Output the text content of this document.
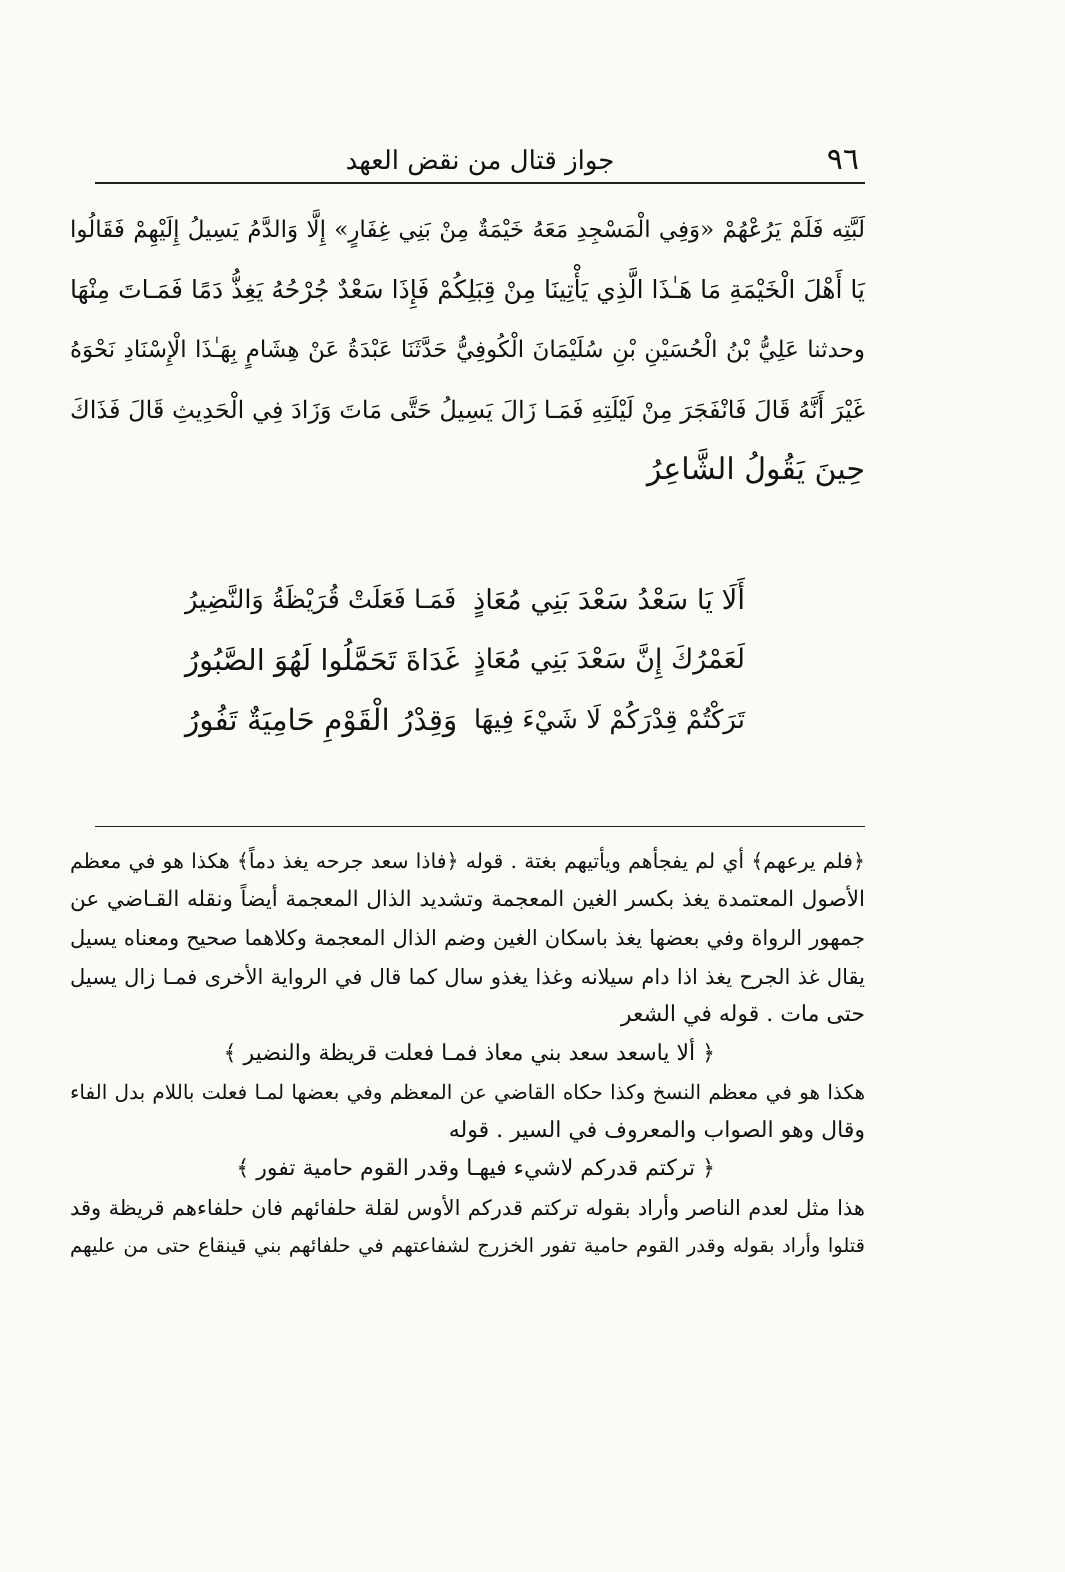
٩٦
جواز قتال من نقض العهد

لَبَّتِه فَلَمْ يَرُعْهُمْ «وَفِي الْمَسْجِدِ مَعَهُ خَيْمَةٌ مِنْ بَنِي غِفَارٍ» إِلَّا وَالدَّمُ يَسِيلُ إِلَيْهِمْ فَقَالُوا

يَا أَهْلَ الْخَيْمَةِ مَا هَـٰذَا الَّذِي يَأْتِينَا مِنْ قِبَلِكُمْ فَإِذَا سَعْدٌ جُرْحُهُ يَغِذُّ دَمًا فَمَـاتَ مِنْهَا

وحدثنا عَلِيُّ بْنُ الْحُسَيْنِ بْنِ سُلَيْمَانَ الْكُوفِيُّ حَدَّثَنَا عَبْدَةُ عَنْ هِشَامٍ بِهَـٰذَا الْإِسْنَادِ نَحْوَهُ

غَيْرَ أَنَّهُ قَالَ فَانْفَجَرَ مِنْ لَيْلَتِهِ فَمَـا زَالَ يَسِيلُ حَتَّى مَاتَ وَزَادَ فِي الْحَدِيثِ قَالَ فَذَاكَ

حِينَ يَقُولُ الشَّاعِرُ

أَلَا يَا سَعْدُ سَعْدَ بَنِي مُعَاذٍ
فَمَـا فَعَلَتْ قُرَيْظَةُ وَالنَّضِيرُ
لَعَمْرُكَ إِنَّ سَعْدَ بَنِي مُعَاذٍ
غَدَاةَ تَحَمَّلُوا لَهُوَ الصَّبُورُ
تَرَكْتُمْ قِدْرَكُمْ لَا شَيْءَ فِيهَا
وَقِدْرُ الْقَوْمِ حَامِيَةٌ تَفُورُ

﴿فلم يرعهم﴾ أي لم يفجأهم ويأتيهم بغتة . قوله ﴿فاذا سعد جرحه يغذ دماً﴾ هكذا هو في معظم

الأصول المعتمدة يغذ بكسر الغين المعجمة وتشديد الذال المعجمة أيضاً ونقله القـاضي عن

جمهور الرواة وفي بعضها يغذ باسكان الغين وضم الذال المعجمة وكلاهما صحيح ومعناه يسيل

يقال غذ الجرح يغذ اذا دام سيلانه وغذا يغذو سال كما قال في الرواية الأخرى فمـا زال يسيل

حتى مات . قوله في الشعر

﴿ ألا ياسعد سعد بني معاذ فمـا فعلت قريظة والنضير ﴾

هكذا هو في معظم النسخ وكذا حكاه القاضي عن المعظم وفي بعضها لمـا فعلت باللام بدل الفاء

وقال وهو الصواب والمعروف في السير . قوله

﴿ تركتم قدركم لاشيء فيهـا وقدر القوم حامية تفور ﴾

هذا مثل لعدم الناصر وأراد بقوله تركتم قدركم الأوس لقلة حلفائهم فان حلفاءهم قريظة وقد

قتلوا وأراد بقوله وقدر القوم حامية تفور الخزرج لشفاعتهم في حلفائهم بني قينقاع حتى من عليهم
